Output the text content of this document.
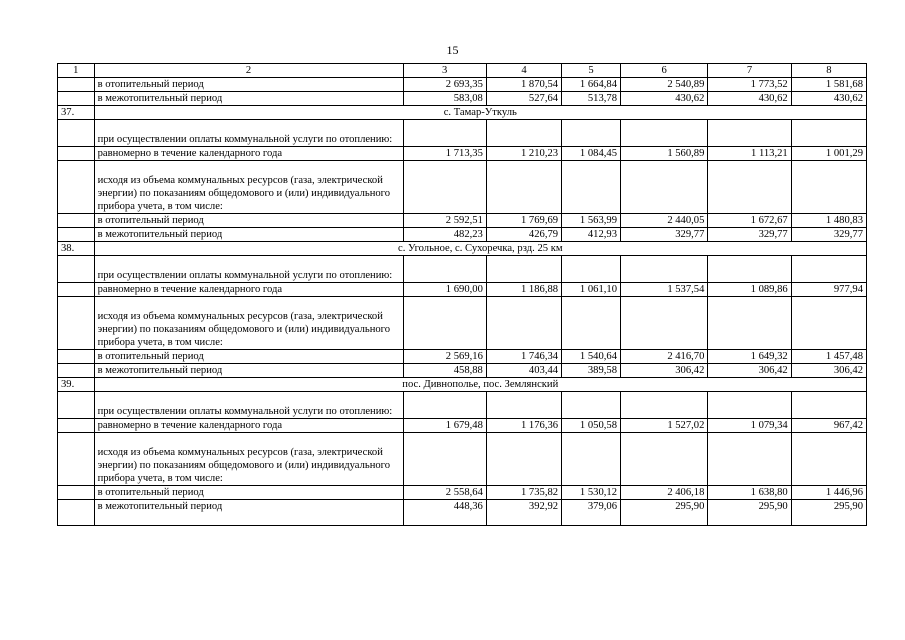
15
1	2	3	4	5	6	7	8
	в отопительный период	2 693,35	1 870,54	1 664,84	2 540,89	1 773,52	1 581,68
	в межотопительный период	583,08	527,64	513,78	430,62	430,62	430,62
37.	с. Тамар-Уткуль						
	при осуществлении оплаты коммунальной услуги по отоплению:						
	равномерно в течение календарного года	1 713,35	1 210,23	1 084,45	1 560,89	1 113,21	1 001,29
	исходя из объема коммунальных ресурсов (газа, электрической энергии) по показаниям общедомового и (или) индивидуального прибора учета, в том числе:						
	в отопительный период	2 592,51	1 769,69	1 563,99	2 440,05	1 672,67	1 480,83
	в межотопительный период	482,23	426,79	412,93	329,77	329,77	329,77
38.	с. Угольное, с. Сухоречка, рзд. 25 км						
	при осуществлении оплаты коммунальной услуги по отоплению:						
	равномерно в течение календарного года	1 690,00	1 186,88	1 061,10	1 537,54	1 089,86	977,94
	исходя из объема коммунальных ресурсов (газа, электрической энергии) по показаниям общедомового и (или) индивидуального прибора учета, в том числе:						
	в отопительный период	2 569,16	1 746,34	1 540,64	2 416,70	1 649,32	1 457,48
	в межотопительный период	458,88	403,44	389,58	306,42	306,42	306,42
39.	пос. Дивнополье, пос. Землянский						
	при осуществлении оплаты коммунальной услуги по отоплению:						
	равномерно в течение календарного года	1 679,48	1 176,36	1 050,58	1 527,02	1 079,34	967,42
	исходя из объема коммунальных ресурсов (газа, электрической энергии) по показаниям общедомового и (или) индивидуального прибора учета, в том числе:						
	в отопительный период	2 558,64	1 735,82	1 530,12	2 406,18	1 638,80	1 446,96
	в межотопительный период	448,36	392,92	379,06	295,90	295,90	295,90
